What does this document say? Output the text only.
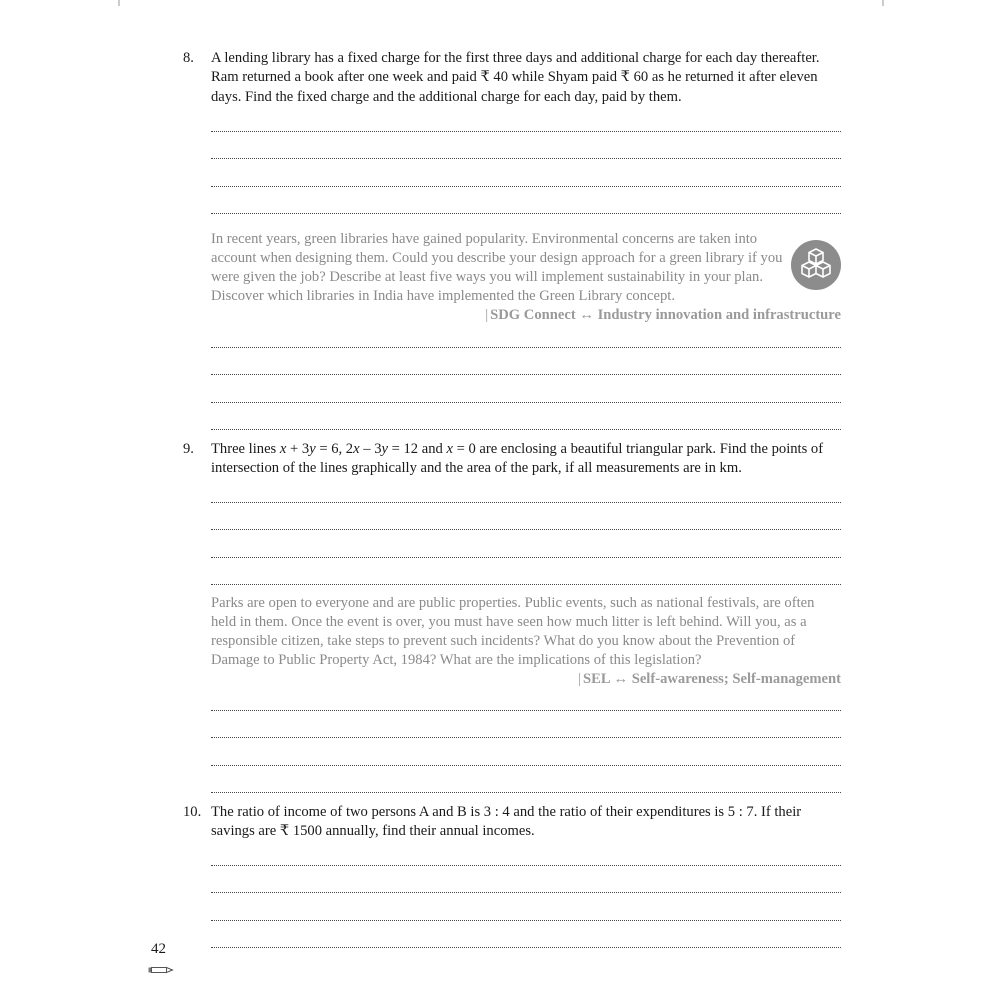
8. A lending library has a fixed charge for the first three days and additional charge for each day thereafter. Ram returned a book after one week and paid ₹ 40 while Shyam paid ₹ 60 as he returned it after eleven days. Find the fixed charge and the additional charge for each day, paid by them.
In recent years, green libraries have gained popularity. Environmental concerns are taken into account when designing them. Could you describe your design approach for a green library if you were given the job? Describe at least five ways you will implement sustainability in your plan. Discover which libraries in India have implemented the Green Library concept.
| SDG Connect ↔ Industry innovation and infrastructure
9. Three lines x + 3y = 6, 2x – 3y = 12 and x = 0 are enclosing a beautiful triangular park. Find the points of intersection of the lines graphically and the area of the park, if all measurements are in km.
Parks are open to everyone and are public properties. Public events, such as national festivals, are often held in them. Once the event is over, you must have seen how much litter is left behind. Will you, as a responsible citizen, take steps to prevent such incidents? What do you know about the Prevention of Damage to Public Property Act, 1984? What are the implications of this legislation?
| SEL ↔ Self-awareness; Self-management
10. The ratio of income of two persons A and B is 3 : 4 and the ratio of their expenditures is 5 : 7. If their savings are ₹ 1500 annually, find their annual incomes.
42
